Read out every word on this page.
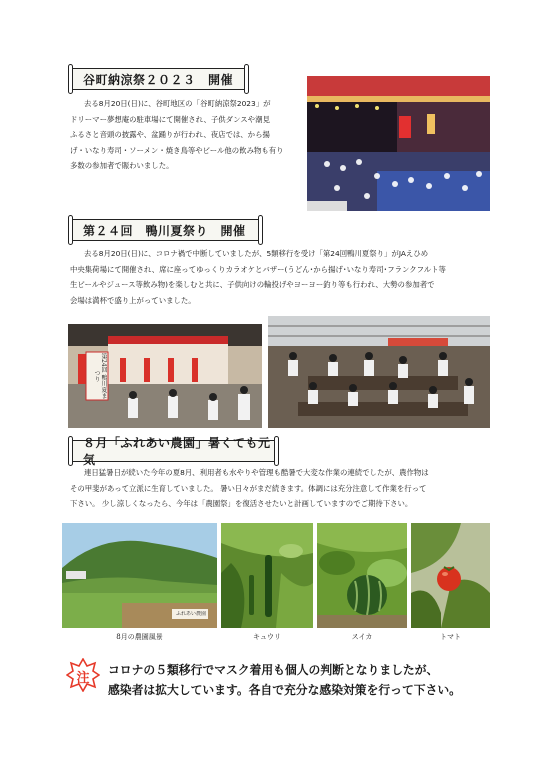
谷町納涼祭２０２３　開催
去る8月20日(日)に、谷町地区の「谷町納涼祭2023」が
ドリーマー夢想庵の駐車場にて開催され、子供ダンスや潮見
ふるさと音頭の披露や、盆踊りが行われ、夜店では、から揚
げ・いなり寿司・ソーメン・焼き鳥等やビール他の飲み物も有り
多数の参加者で賑わいました。
第２４回　鴨川夏祭り　開催
去る8月20日(日)に、コロナ禍で中断していましたが、5類移行を受け「第24回鴨川夏祭り」がJAえひめ
中央集荷場にて開催され、席に座ってゆっくりカラオケとバザー(うどん･から揚げ･いなり寿司･フランクフルト等
生ビールやジュース等飲み物)を楽しむと共に、子供向けの輪投げやヨーヨー釣り等も行われ、大勢の参加者で
会場は満杯で盛り上がっていました。
第24回 鴨川夏まつり
８月「ふれあい農園」暑くても元気
連日猛暑日が続いた今年の夏8月、利用者も水やりや管理も酷暑で大変な作業の連続でしたが、農作物は
その甲斐があって立派に生育していました。 暑い日々がまだ続きます。体調には充分注意して作業を行って
下さい。 少し涼しくなったら、今年は「農園祭」を復活させたいと計画していますのでご期待下さい。
ふれあい農園
8月の農園風景	キュウリ	スイカ	トマト
注
コロナの５類移行でマスク着用も個人の判断となりましたが、
感染者は拡大しています。各自で充分な感染対策を行って下さい。
